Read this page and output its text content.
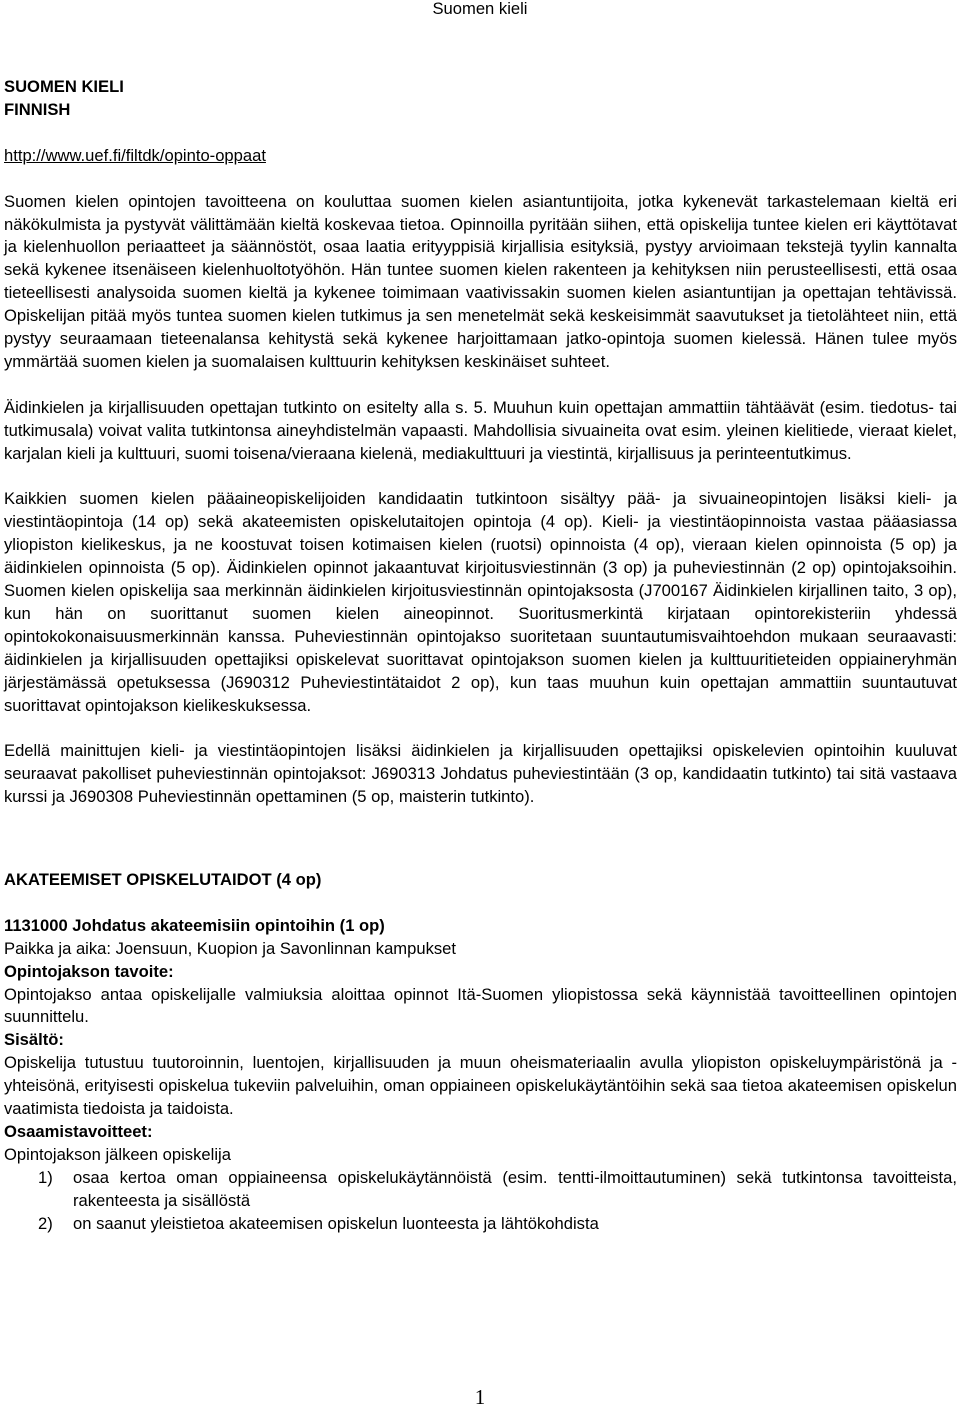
Suomen kieli
SUOMEN KIELI
FINNISH
http://www.uef.fi/filtdk/opinto-oppaat

Suomen kielen opintojen tavoitteena on kouluttaa suomen kielen asiantuntijoita, jotka kykenevät tarkastelemaan kieltä eri näkökulmista ja pystyvät välittämään kieltä koskevaa tietoa. Opinnoilla pyritään siihen, että opiskelija tuntee kielen eri käyttötavat ja kielenhuollon periaatteet ja säännöstöt, osaa laatia erityyppisiä kirjallisia esityksiä, pystyy arvioimaan tekstejä tyylin kannalta sekä kykenee itsenäiseen kielenhuoltotyöhön. Hän tuntee suomen kielen rakenteen ja kehityksen niin perusteellisesti, että osaa tieteellisesti analysoida suomen kieltä ja kykenee toimimaan vaativissakin suomen kielen asiantuntijan ja opettajan tehtävissä. Opiskelijan pitää myös tuntea suomen kielen tutkimus ja sen menetelmät sekä keskeisimmät saavutukset ja tietolähteet niin, että pystyy seuraamaan tieteenalansa kehitystä sekä kykenee harjoittamaan jatko-opintoja suomen kielessä. Hänen tulee myös ymmärtää suomen kielen ja suomalaisen kulttuurin kehityksen keskinäiset suhteet.

Äidinkielen ja kirjallisuuden opettajan tutkinto on esitelty alla s. 5. Muuhun kuin opettajan ammattiin tähtäävät (esim. tiedotus- tai tutkimusala) voivat valita tutkintonsa aineyhdistelmän vapaasti. Mahdollisia sivuaineita ovat esim. yleinen kielitiede, vieraat kielet, karjalan kieli ja kulttuuri, suomi toisena/vieraana kielenä, mediakulttuuri ja viestintä, kirjallisuus ja perinteentutkimus.

Kaikkien suomen kielen pääaineopiskelijoiden kandidaatin tutkintoon sisältyy pää- ja sivuaineopintojen lisäksi kieli- ja viestintäopintoja (14 op) sekä akateemisten opiskelutaitojen opintoja (4 op). Kieli- ja viestintäopinnoista vastaa pääasiassa yliopiston kielikeskus, ja ne koostuvat toisen kotimaisen kielen (ruotsi) opinnoista (4 op), vieraan kielen opinnoista (5 op) ja äidinkielen opinnoista (5 op). Äidinkielen opinnot jakaantuvat kirjoitusviestinnän (3 op) ja puheviestinnän (2 op) opintojaksoihin. Suomen kielen opiskelija saa merkinnän äidinkielen kirjoitusviestinnän opintojaksosta (J700167 Äidinkielen kirjallinen taito, 3 op), kun hän on suorittanut suomen kielen aineopinnot. Suoritusmerkintä kirjataan opintorekisteriin yhdessä opintokokonaisuusmerkinnän kanssa. Puheviestinnän opintojakso suoritetaan suuntautumisvaihtoehdon mukaan seuraavasti: äidinkielen ja kirjallisuuden opettajiksi opiskelevat suorittavat opintojakson suomen kielen ja kulttuuritieteiden oppiaineryhmän järjestämässä opetuksessa (J690312 Puheviestintätaidot 2 op), kun taas muuhun kuin opettajan ammattiin suuntautuvat suorittavat opintojakson kielikeskuksessa.

Edellä mainittujen kieli- ja viestintäopintojen lisäksi äidinkielen ja kirjallisuuden opettajiksi opiskelevien opintoihin kuuluvat seuraavat pakolliset puheviestinnän opintojaksot: J690313 Johdatus puheviestintään (3 op, kandidaatin tutkinto) tai sitä vastaava kurssi ja J690308 Puheviestinnän opettaminen (5 op, maisterin tutkinto).

AKATEEMISET OPISKELUTAIDOT (4 op)
1131000 Johdatus akateemisiin opintoihin (1 op)

Paikka ja aika: Joensuun, Kuopion ja Savonlinnan kampukset

Opintojakson tavoite:

Opintojakso antaa opiskelijalle valmiuksia aloittaa opinnot Itä-Suomen yliopistossa sekä käynnistää tavoitteellinen opintojen suunnittelu.

Sisältö:

Opiskelija tutustuu tuutoroinnin, luentojen, kirjallisuuden ja muun oheismateriaalin avulla yliopiston opiskeluympäristönä ja -yhteisönä, erityisesti opiskelua tukeviin palveluihin, oman oppiaineen opiskelukäytäntöihin sekä saa tietoa akateemisen opiskelun vaatimista tiedoista ja taidoista.

Osaamistavoitteet:

Opintojakson jälkeen opiskelija

1) osaa kertoa oman oppiaineensa opiskelukäytännöistä (esim. tentti-ilmoittautuminen) sekä tutkintonsa tavoitteista, rakenteesta ja sisällöstä
2) on saanut yleistietoa akateemisen opiskelun luonteesta ja lähtökohdista
1
